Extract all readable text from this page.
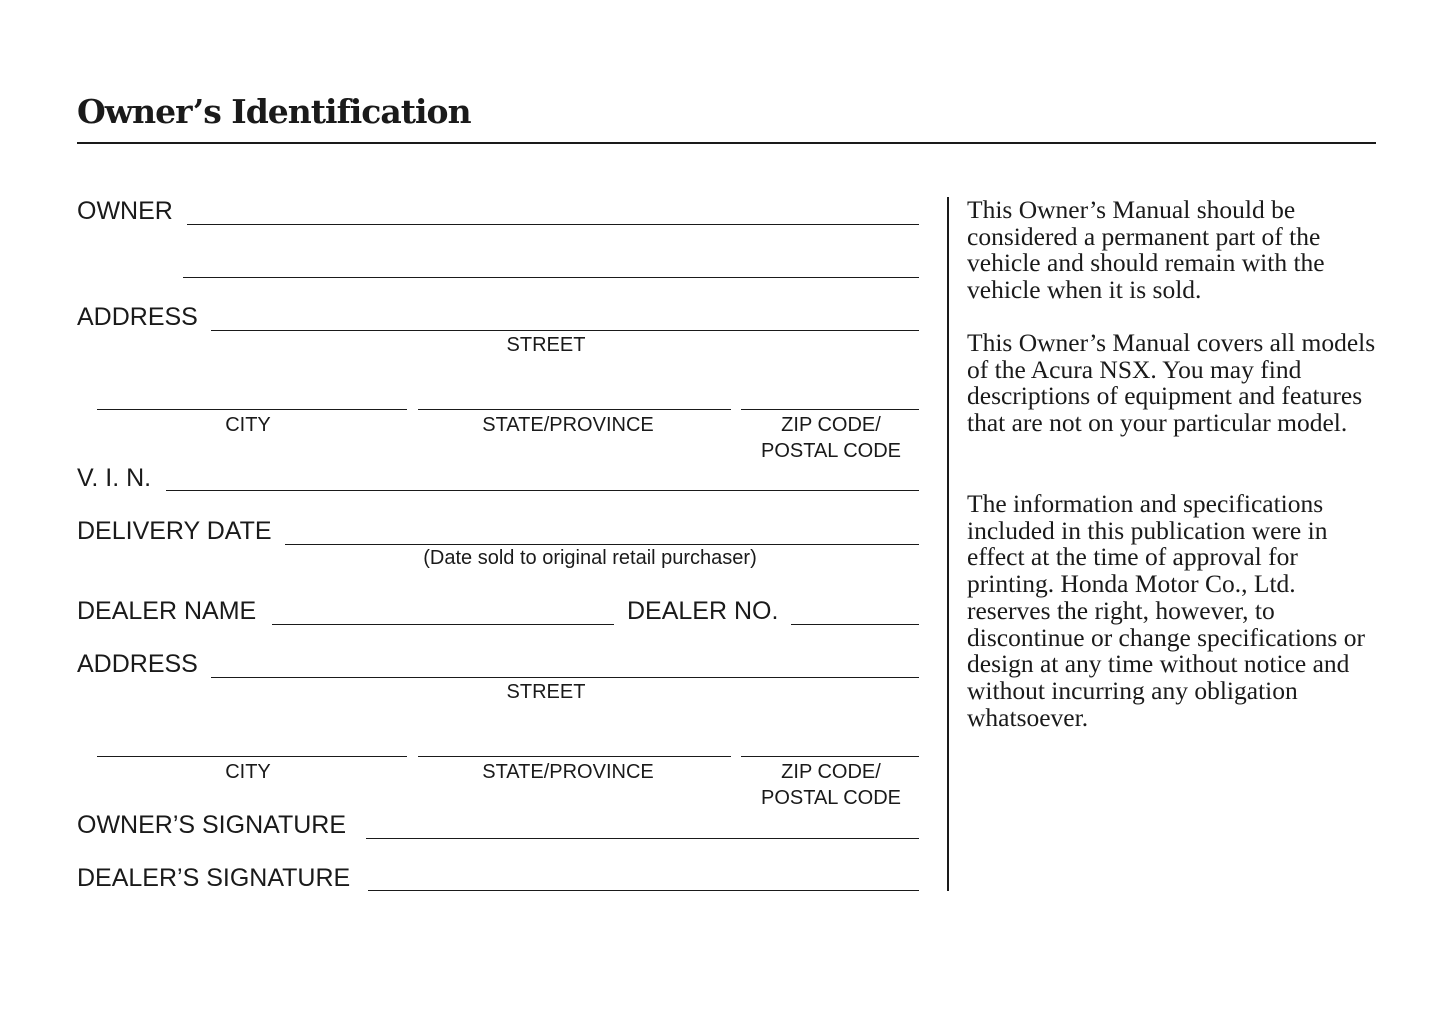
Owner’s Identification
OWNER
ADDRESS
STREET
CITY	STATE/PROVINCE	ZIP CODE/
POSTAL CODE
V. I. N.
DELIVERY DATE
(Date sold to original retail purchaser)
DEALER NAME	DEALER NO.
ADDRESS
STREET
CITY	STATE/PROVINCE	ZIP CODE/
POSTAL CODE
OWNER’S SIGNATURE
DEALER’S SIGNATURE

This Owner’s Manual should be considered a permanent part of the vehicle and should remain with the vehicle when it is sold.

This Owner’s Manual covers all models of the Acura NSX. You may find descriptions of equipment and features that are not on your particular model.

The information and specifications included in this publication were in effect at the time of approval for printing. Honda Motor Co., Ltd. reserves the right, however, to discontinue or change specifications or design at any time without notice and without incurring any obligation whatsoever.
